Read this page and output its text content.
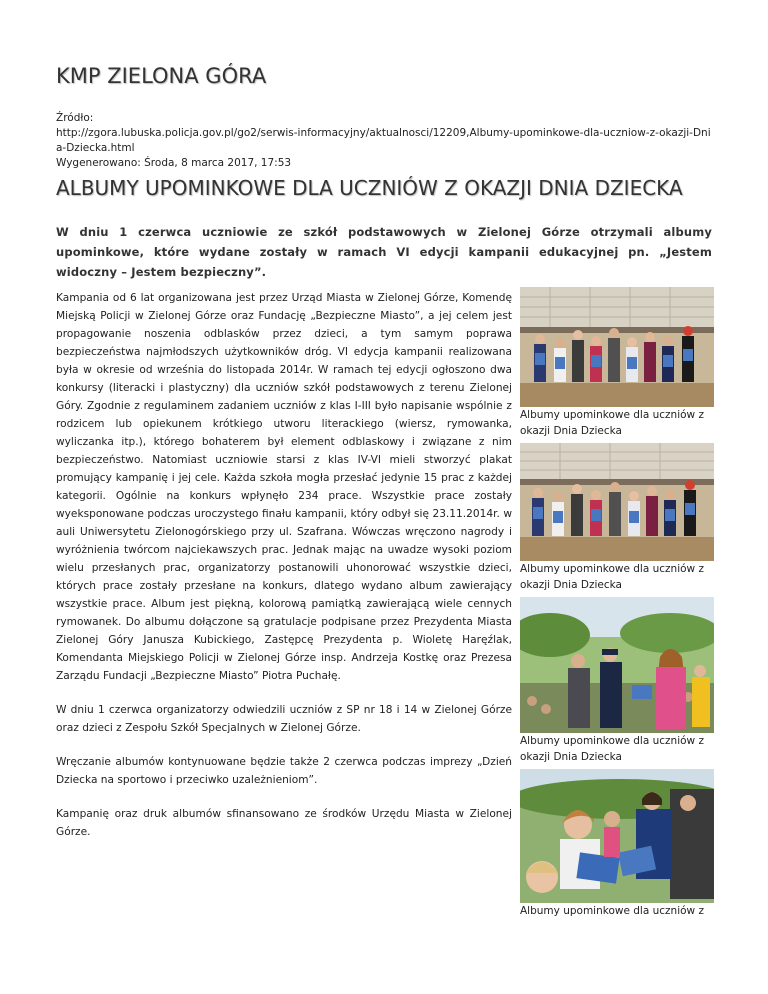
KMP ZIELONA GÓRA
Źródło:
http://zgora.lubuska.policja.gov.pl/go2/serwis-informacyjny/aktualnosci/12209,Albumy-upominkowe-dla-uczniow-z-okazji-Dnia-Dziecka.html
Wygenerowano: Środa, 8 marca 2017, 17:53
ALBUMY UPOMINKOWE DLA UCZNIÓW Z OKAZJI DNIA DZIECKA

W dniu 1 czerwca uczniowie ze szkół podstawowych w Zielonej Górze otrzymali albumy upominkowe, które wydane zostały w ramach VI edycji kampanii edukacyjnej pn. „Jestem widoczny – Jestem bezpieczny”.

Kampania od 6 lat organizowana jest przez Urząd Miasta w Zielonej Górze, Komendę Miejską Policji w Zielonej Górze oraz Fundację „Bezpieczne Miasto”, a jej celem jest propagowanie noszenia odblasków przez dzieci, a tym samym poprawa bezpieczeństwa najmłodszych użytkowników dróg. VI edycja kampanii realizowana była w okresie od września do listopada 2014r. W ramach tej edycji ogłoszono dwa konkursy (literacki i plastyczny) dla uczniów szkół podstawowych z terenu Zielonej Góry. Zgodnie z regulaminem zadaniem uczniów z klas I-III było napisanie wspólnie z rodzicem lub opiekunem krótkiego utworu literackiego (wiersz, rymowanka, wyliczanka itp.), którego bohaterem był element odblaskowy i związane z nim bezpieczeństwo. Natomiast uczniowie starsi z klas IV-VI mieli stworzyć plakat promujący kampanię i jej cele. Każda szkoła mogła przesłać jedynie 15 prac z każdej kategorii. Ogólnie na konkurs wpłynęło 234 prace. Wszystkie prace zostały wyeksponowane podczas uroczystego finału kampanii, który odbył się 23.11.2014r. w auli Uniwersytetu Zielonogórskiego przy ul. Szafrana. Wówczas wręczono nagrody i wyróżnienia twórcom najciekawszych prac. Jednak mając na uwadze wysoki poziom wielu przesłanych prac, organizatorzy postanowili uhonorować wszystkie dzieci, których prace zostały przesłane na konkurs, dlatego wydano album zawierający wszystkie prace. Album jest piękną, kolorową pamiątką zawierającą wiele cennych rymowanek. Do albumu dołączone są gratulacje podpisane przez Prezydenta Miasta Zielonej Góry Janusza Kubickiego, Zastępcę Prezydenta p. Wioletę Haręźlak, Komendanta Miejskiego Policji w Zielonej Górze insp. Andrzeja Kostkę oraz Prezesa Zarządu Fundacji „Bezpieczne Miasto” Piotra Puchałę.

W dniu 1 czerwca organizatorzy odwiedzili uczniów z SP nr 18 i 14 w Zielonej Górze oraz dzieci z Zespołu Szkół Specjalnych w Zielonej Górze.

Wręczanie albumów kontynuowane będzie także 2 czerwca podczas imprezy „Dzień Dziecka na sportowo i przeciwko uzależnieniom”.

Kampanię oraz druk albumów sfinansowano ze środków Urzędu Miasta w Zielonej Górze.

Albumy upominkowe dla uczniów z okazji Dnia Dziecka
Albumy upominkowe dla uczniów z okazji Dnia Dziecka
Albumy upominkowe dla uczniów z okazji Dnia Dziecka
Albumy upominkowe dla uczniów z
